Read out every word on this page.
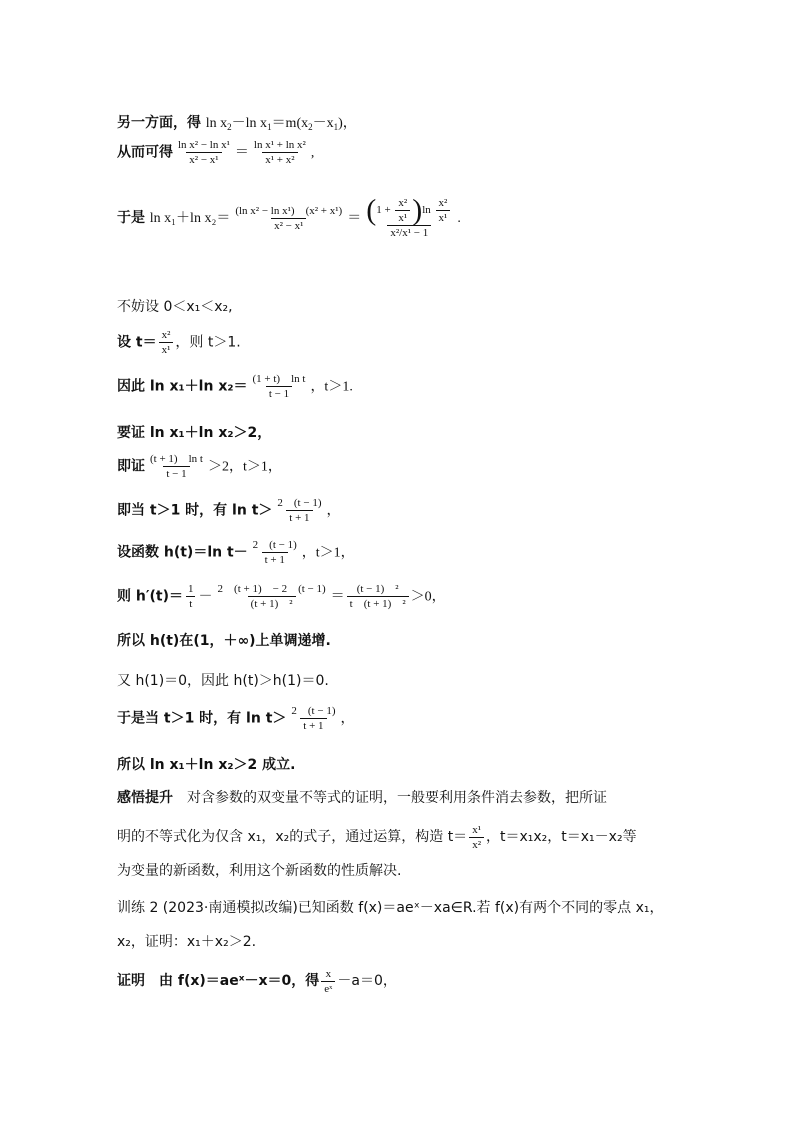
另一方面，得 $\ln x_2-\ln$ $x_1=m(x_2-x_1)$，
从而可得 $\frac{\text{ln x² − ln x¹}}{\text{x² − x¹}} = \frac{\text{ln x¹ + ln x²}}{\text{x¹ + x²}}$ ,
于是 ln x₁＋ln $x_2= \frac{\text{(ln x² − ln x¹)　(x² + x¹)}}{\text{x² − x¹}} = \frac{(1 + \frac{\text{x²}}{\text{x¹}} )\ln \frac{\text{x²}}{\text{x¹}}}{\text{x²/x¹ − 1}}$ .
不妨设 0＜x₁＜x₂,
设 $t= \frac{\text{x²}}{\text{x¹}}$ ，则 t＞1.
因此 ln x₁＋ln $x_2= \frac{\text{(1 + t)　ln t}}{t - 1}$ ，t＞1.
要证 ln x₁＋ln x₂＞2，
即证 $\frac{\text{(t + 1)　ln t}}{t - 1} >2$，t＞1，
即当 t＞1 时，有 $\ln t> \frac{2 (t - 1)}{t + 1}$ ，
设函数 h(t)＝ln $t- \frac{2 (t - 1)}{t + 1}$ ，t＞1，
则 $h'(t)= \frac{1}{t} - \frac{2 (t + 1) - 2 (t - 1)}{\text{(t + 1)　²}} = \frac{\text{(t − 1)　²}}{\text{t　(t + 1)　²}} >0$，
所以 h(t)在(1，＋∞)上单调递增.
又 h(1)＝0，因此 h(t)＞h(1)＝0.
于是当 t＞1 时，有 $\ln t> \frac{2 (t - 1)}{t + 1}$ ，
所以 ln x₁＋ln x₂＞2 成立.
感悟提升　对含参数的双变量不等式的证明，一般要利用条件消去参数，把所证
明的不等式化为仅含 x₁，x₂的式子，通过运算，构造 $t= \frac{\text{x¹}}{\text{x²}}$ ，t＝x₁x₂，t＝x₁－x₂等
为变量的新函数，利用这个新函数的性质解决.
训练 2 (2023·南通模拟改编)已知函数 f(x)＝aeˣ－xa∈R.若 f(x)有两个不同的零点 x₁，
x₂，证明：x₁＋x₂＞2.
证明　由 f(x)＝aeˣ－x＝0，得 $\frac{x}{\text{eˣ}} -a=0$，
